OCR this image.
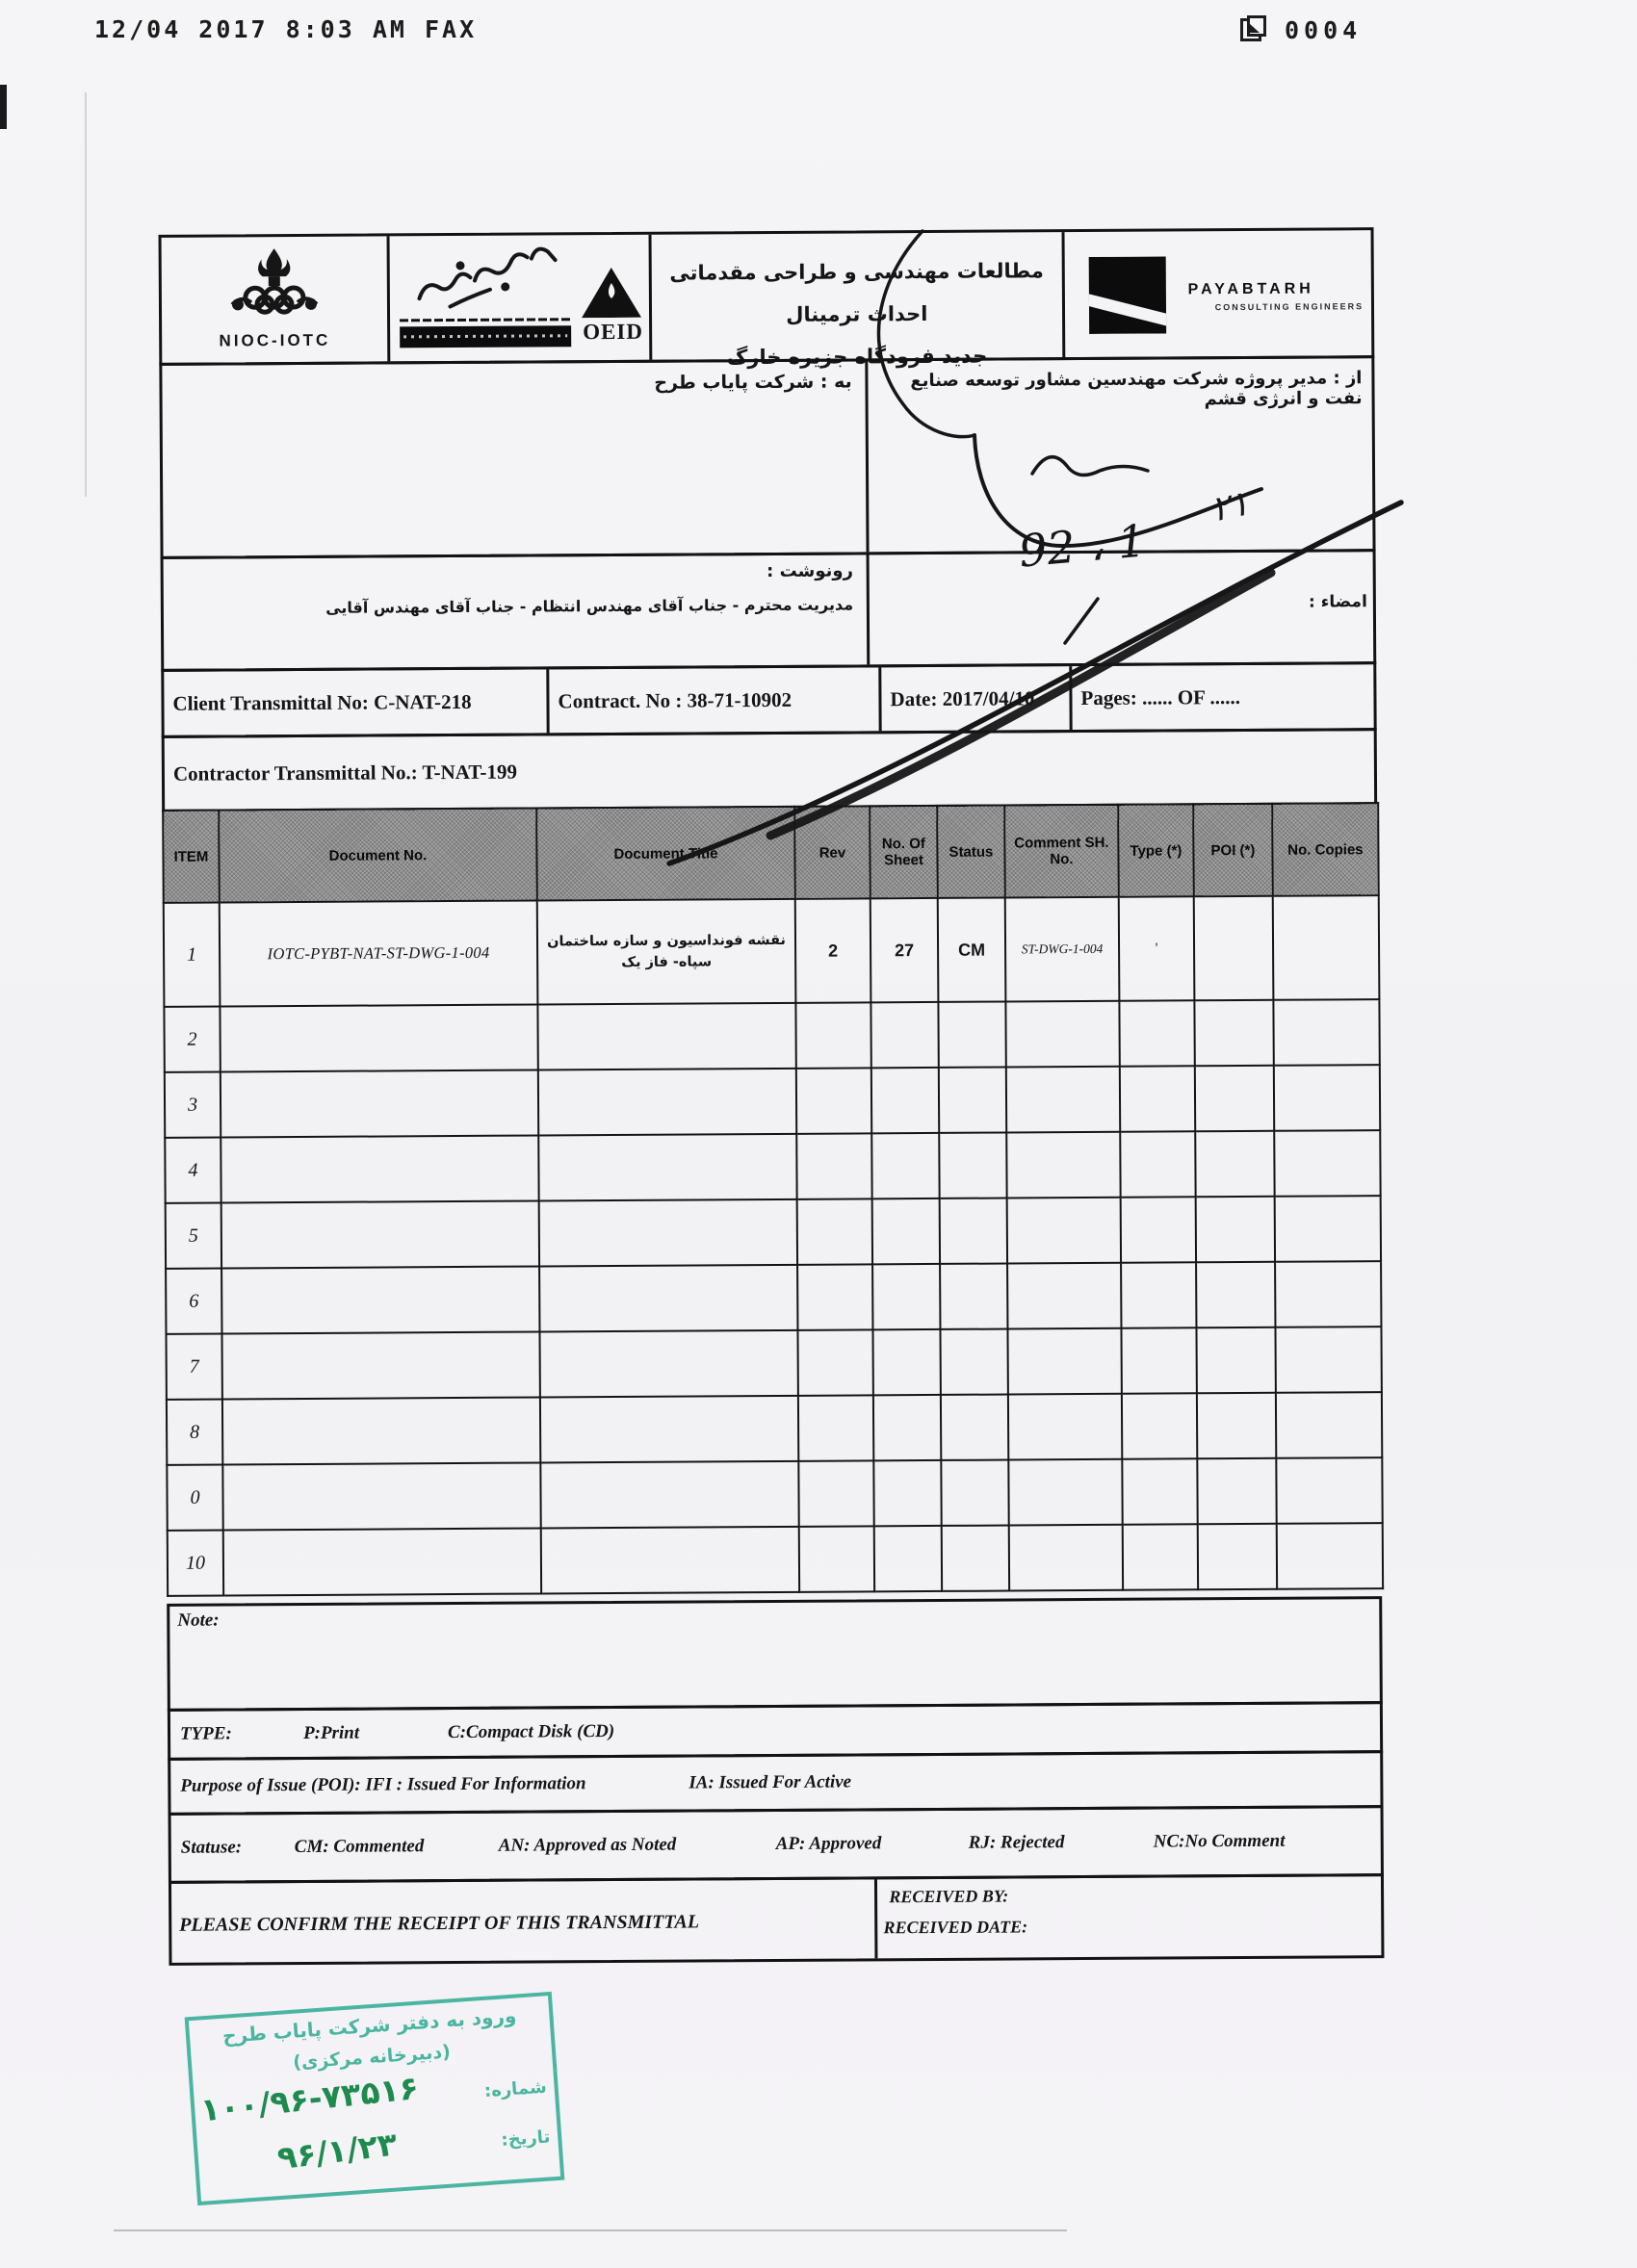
12/04 2017 8:03 AM FAX	0004
NIOC-IOTC	OEID
مطالعات مهندسی و طراحی مقدماتی احداث ترمینال
جدید فرودگاه جزیره خارگ
PAYABTARH
CONSULTING ENGINEERS
به : شرکت پایاب طرح	از : مدیر پروژه شرکت مهندسین مشاور توسعه صنایع نفت و انرژی قشم
رونوشت :
مدیریت محترم - جناب آقای مهندس انتظام - جناب آقای مهندس آقایی	امضاء :
Client Transmittal No: C-NAT-218	Contract. No : 38-71-10902	Date: 2017/04/10	Pages: ...... OF ......
Contractor Transmittal No.: T-NAT-199
ITEM	Document No.	Document Title	Rev	No. Of Sheet	Status	Comment SH. No.	Type (*)	POI (*)	No. Copies
1	IOTC-PYBT-NAT-ST-DWG-1-004	نقشه فونداسیون و سازه ساختمان سپاه- فاز یک	2	27	CM	ST-DWG-1-004	'		
2									
3									
4									
5									
6									
7									
8									
0									
10									
Note:
TYPE:	P:Print	C:Compact Disk (CD)
Purpose of Issue (POI): IFI : Issued For Information	IA: Issued For Active
Statuse:	CM: Commented	AN: Approved as Noted	AP: Approved	RJ: Rejected	NC:No Comment
PLEASE CONFIRM THE RECEIPT OF THIS TRANSMITTAL
RECEIVED BY:
RECEIVED DATE:
92 ، 1
۲۱
ورود به دفتر شرکت پایاب طرح
(دبیرخانه مرکزی)
شماره:
تاریخ:
۱۰۰/۹۶-۷۳۵۱۶
۹۶/۱/۲۳
